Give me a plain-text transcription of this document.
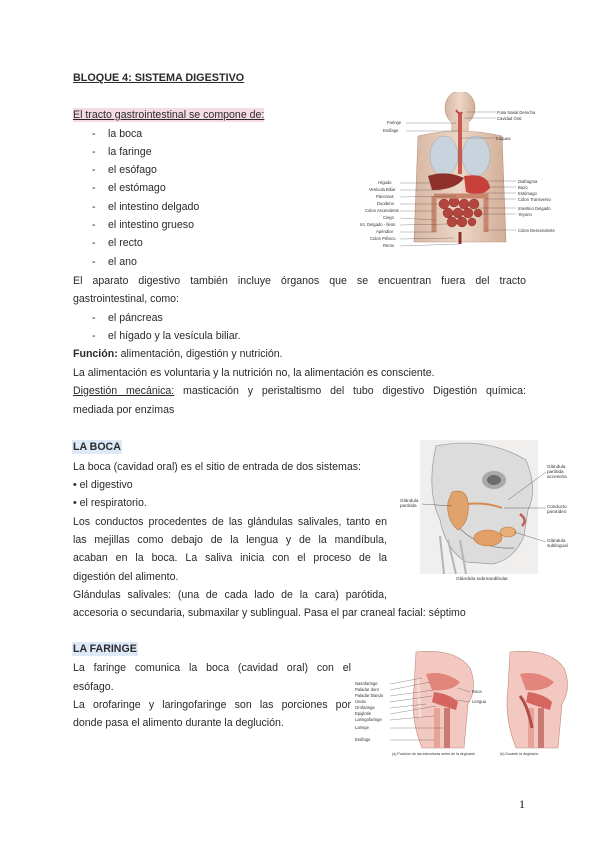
BLOQUE 4: SISTEMA DIGESTIVO
El tracto gastrointestinal se compone de:
- la boca
- la faringe
- el esófago
- el estómago
- el intestino delgado
- el intestino grueso
- el recto
- el ano
El aparato digestivo también incluye órganos que se encuentran fuera del tracto
gastrointestinal, como:
- el páncreas
- el hígado y la vesícula biliar.
Función: alimentación, digestión y nutrición.
La alimentación es voluntaria y la nutrición no, la alimentación es consciente.
Digestión mecánica: masticación y peristaltismo del tubo digestivo Digestión química:
mediada por enzimas
Faringe
Esófago
Hígado
Vesícula Biliar
Páncreas
Duodeno
Colon Ascendente
Ciego
Int. Delgado - Íleon
Apéndice
Colon Pélvico
Recto
Fosa Nasal Derecha
Cavidad Oral
Tráquea
Diafragma
Bazo
Estómago
Colon Transverso
Intestino Delgado
Yeyuno
Colon Descendente
LA BOCA
La boca (cavidad oral) es el sitio de entrada de dos sistemas:
• el digestivo
• el respiratorio.
Los conductos procedentes de las glándulas salivales, tanto en
las mejillas como debajo de la lengua y de la mandíbula,
acaban en la boca. La saliva inicia con el proceso de la
digestión del alimento.
Glándulas salivales: (una de cada lado de la cara) parótida,
accesoria o secundaria, submaxilar y sublingual. Pasa el par craneal facial: séptimo
Glándula parótida
Glándula parótida accesoria
Conducto parotídeo
Glándula sublingual
Glándula submandibular
LA FARINGE
La faringe comunica la boca (cavidad oral) con el
esófago.
La orofaringe y laringofaringe son las porciones por
donde pasa el alimento durante la deglución.
Nasofaringe
Paladar duro
Paladar blando
Úvula
Orofaringe
Epiglotis
Laringofaringe
Laringe
Esófago
Boca
Lengua
(a) Posición de las estructuras antes de la deglución	(b) Durante la deglución
1
